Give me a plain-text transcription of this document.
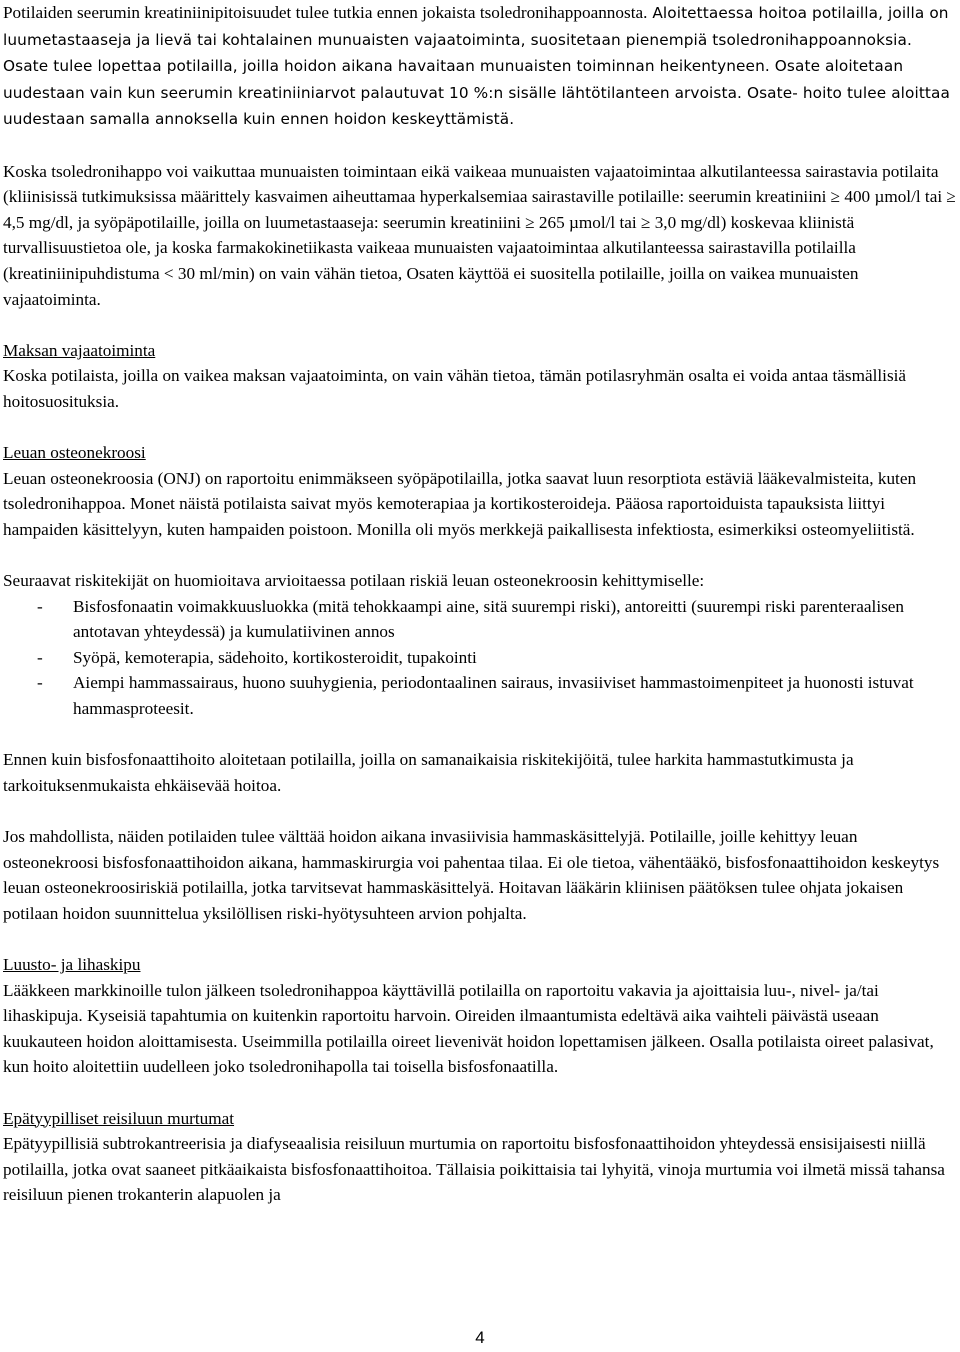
Potilaiden seerumin kreatiniinipitoisuudet tulee tutkia ennen jokaista tsoledronihappoannosta. Aloitettaessa hoitoa potilailla, joilla on luumetastaaseja ja lievä tai kohtalainen munuaisten vajaatoiminta, suositetaan pienempiä tsoledronihappoannoksia. Osate tulee lopettaa potilailla, joilla hoidon aikana havaitaan munuaisten toiminnan heikentyneen. Osate aloitetaan uudestaan vain kun seerumin kreatiniiniarvot palautuvat 10 %:n sisälle lähtötilanteen arvoista. Osate- hoito tulee aloittaa uudestaan samalla annoksella kuin ennen hoidon keskeyttämistä.

Koska tsoledronihappo voi vaikuttaa munuaisten toimintaan eikä vaikeaa munuaisten vajaatoimintaa alkutilanteessa sairastavia potilaita (kliinisissä tutkimuksissa määrittely kasvaimen aiheuttamaa hyperkalsemiaa sairastaville potilaille: seerumin kreatiniini ≥ 400 µmol/l tai ≥ 4,5 mg/dl, ja syöpäpotilaille, joilla on luumetastaaseja: seerumin kreatiniini ≥ 265 µmol/l tai ≥ 3,0 mg/dl) koskevaa kliinistä turvallisuustietoa ole, ja koska farmakokinetiikasta vaikeaa munuaisten vajaatoimintaa alkutilanteessa sairastavilla potilailla (kreatiniinipuhdistuma < 30 ml/min) on vain vähän tietoa, Osaten käyttöä ei suositella potilaille, joilla on vaikea munuaisten vajaatoiminta.

Maksan vajaatoiminta

Koska potilaista, joilla on vaikea maksan vajaatoiminta, on vain vähän tietoa, tämän potilasryhmän osalta ei voida antaa täsmällisiä hoitosuosituksia.

Leuan osteonekroosi

Leuan osteonekroosia (ONJ) on raportoitu enimmäkseen syöpäpotilailla, jotka saavat luun resorptiota estäviä lääkevalmisteita, kuten tsoledronihappoa. Monet näistä potilaista saivat myös kemoterapiaa ja kortikosteroideja. Pääosa raportoiduista tapauksista liittyi hampaiden käsittelyyn, kuten hampaiden poistoon. Monilla oli myös merkkejä paikallisesta infektiosta, esimerkiksi osteomyeliitistä.

Seuraavat riskitekijät on huomioitava arvioitaessa potilaan riskiä leuan osteonekroosin kehittymiselle:

- Bisfosfonaatin voimakkuusluokka (mitä tehokkaampi aine, sitä suurempi riski), antoreitti (suurempi riski parenteraalisen antotavan yhteydessä) ja kumulatiivinen annos
- Syöpä, kemoterapia, sädehoito, kortikosteroidit, tupakointi
- Aiempi hammassairaus, huono suuhygienia, periodontaalinen sairaus, invasiiviset hammastoimenpiteet ja huonosti istuvat hammasproteesit.

Ennen kuin bisfosfonaattihoito aloitetaan potilailla, joilla on samanaikaisia riskitekijöitä, tulee harkita hammastutkimusta ja tarkoituksenmukaista ehkäisevää hoitoa.

Jos mahdollista, näiden potilaiden tulee välttää hoidon aikana invasiivisia hammaskäsittelyjä. Potilaille, joille kehittyy leuan osteonekroosi bisfosfonaattihoidon aikana, hammaskirurgia voi pahentaa tilaa. Ei ole tietoa, vähentääkö, bisfosfonaattihoidon keskeytys leuan osteonekroosiriskiä potilailla, jotka tarvitsevat hammaskäsittelyä. Hoitavan lääkärin kliinisen päätöksen tulee ohjata jokaisen potilaan hoidon suunnittelua yksilöllisen riski-hyötysuhteen arvion pohjalta.

Luusto- ja lihaskipu

Lääkkeen markkinoille tulon jälkeen tsoledronihappoa käyttävillä potilailla on raportoitu vakavia ja ajoittaisia luu-, nivel- ja/tai lihaskipuja. Kyseisiä tapahtumia on kuitenkin raportoitu harvoin. Oireiden ilmaantumista edeltävä aika vaihteli päivästä useaan kuukauteen hoidon aloittamisesta. Useimmilla potilailla oireet lievenivät hoidon lopettamisen jälkeen. Osalla potilaista oireet palasivat, kun hoito aloitettiin uudelleen joko tsoledronihapolla tai toisella bisfosfonaatilla.

Epätyypilliset reisiluun murtumat

Epätyypillisiä subtrokantreerisia ja diafyseaalisia reisiluun murtumia on raportoitu bisfosfonaattihoidon yhteydessä ensisijaisesti niillä potilailla, jotka ovat saaneet pitkäaikaista bisfosfonaattihoitoa. Tällaisia poikittaisia tai lyhyitä, vinoja murtumia voi ilmetä missä tahansa reisiluun pienen trokanterin alapuolen ja

4
